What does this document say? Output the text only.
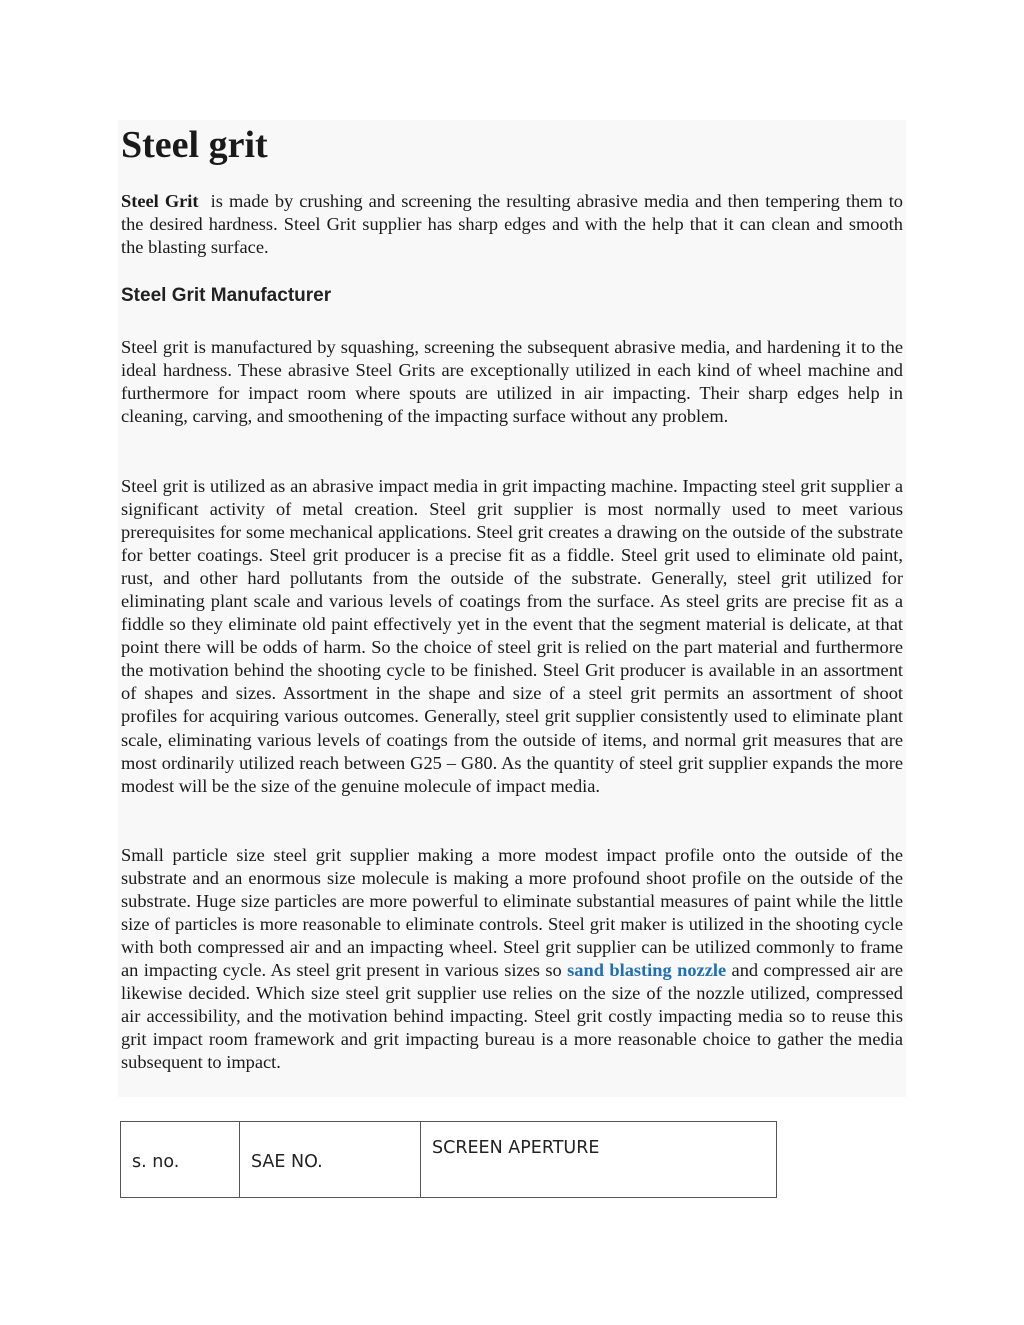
Steel grit

Steel Grit  is made by crushing and screening the resulting abrasive media and then tempering them to the desired hardness. Steel Grit supplier has sharp edges and with the help that it can clean and smooth the blasting surface.

Steel Grit Manufacturer

Steel grit is manufactured by squashing, screening the subsequent abrasive media, and hardening it to the ideal hardness. These abrasive Steel Grits are exceptionally utilized in each kind of wheel machine and furthermore for impact room where spouts are utilized in air impacting. Their sharp edges help in cleaning, carving, and smoothening of the impacting surface without any problem.

Steel grit is utilized as an abrasive impact media in grit impacting machine. Impacting steel grit supplier a significant activity of metal creation. Steel grit supplier is most normally used to meet various prerequisites for some mechanical applications. Steel grit creates a drawing on the outside of the substrate for better coatings. Steel grit producer is a precise fit as a fiddle. Steel grit used to eliminate old paint, rust, and other hard pollutants from the outside of the substrate. Generally, steel grit utilized for eliminating plant scale and various levels of coatings from the surface. As steel grits are precise fit as a fiddle so they eliminate old paint effectively yet in the event that the segment material is delicate, at that point there will be odds of harm. So the choice of steel grit is relied on the part material and furthermore the motivation behind the shooting cycle to be finished. Steel Grit producer is available in an assortment of shapes and sizes. Assortment in the shape and size of a steel grit permits an assortment of shoot profiles for acquiring various outcomes. Generally, steel grit supplier consistently used to eliminate plant scale, eliminating various levels of coatings from the outside of items, and normal grit measures that are most ordinarily utilized reach between G25 – G80. As the quantity of steel grit supplier expands the more modest will be the size of the genuine molecule of impact media.

Small particle size steel grit supplier making a more modest impact profile onto the outside of the substrate and an enormous size molecule is making a more profound shoot profile on the outside of the substrate. Huge size particles are more powerful to eliminate substantial measures of paint while the little size of particles is more reasonable to eliminate controls. Steel grit maker is utilized in the shooting cycle with both compressed air and an impacting wheel. Steel grit supplier can be utilized commonly to frame an impacting cycle. As steel grit present in various sizes so sand blasting nozzle and compressed air are likewise decided. Which size steel grit supplier use relies on the size of the nozzle utilized, compressed air accessibility, and the motivation behind impacting. Steel grit costly impacting media so to reuse this grit impact room framework and grit impacting bureau is a more reasonable choice to gather the media subsequent to impact.

s. no.	SAE NO.	SCREEN APERTURE
